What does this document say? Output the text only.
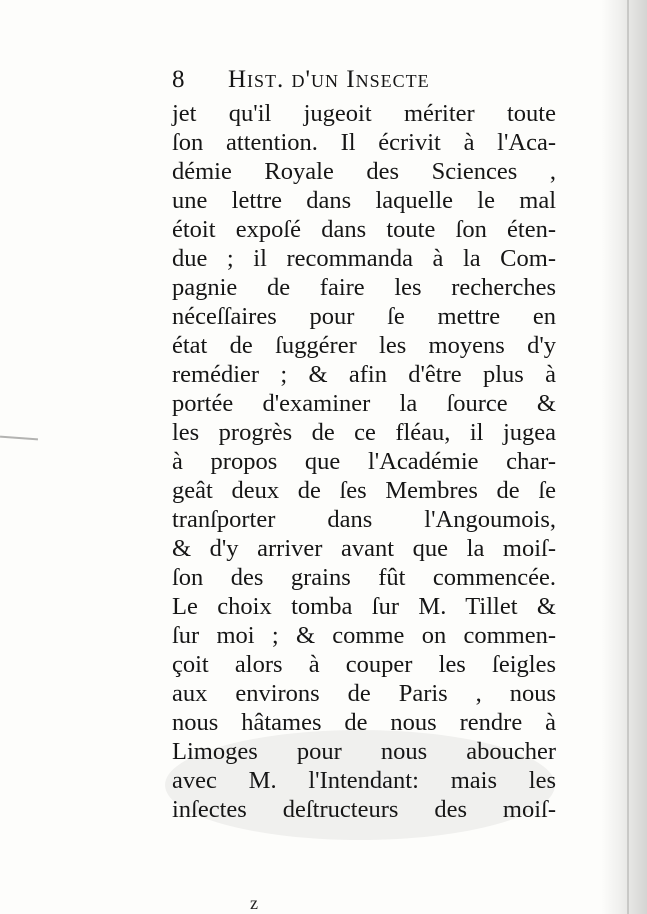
8 Hist. d'un Insecte
jet qu'il jugeoit mériter toute
ſon attention. Il écrivit à l'Aca-
démie Royale des Sciences ,
une lettre dans laquelle le mal
étoit expoſé dans toute ſon éten-
due ; il recommanda à la Com-
pagnie de faire les recherches
néceſſaires pour ſe mettre en
état de ſuggérer les moyens d'y
remédier ; & afin d'être plus à
portée d'examiner la ſource &
les progrès de ce fléau, il jugea
à propos que l'Académie char-
geât deux de ſes Membres de ſe
tranſporter dans l'Angoumois,
& d'y arriver avant que la moiſ-
ſon des grains fût commencée.
Le choix tomba ſur M. Tillet &
ſur moi ; & comme on commen-
çoit alors à couper les ſeigles
aux environs de Paris , nous
nous hâtames de nous rendre à
Limoges pour nous aboucher
avec M. l'Intendant: mais les
inſectes deſtructeurs des moiſ-
z
